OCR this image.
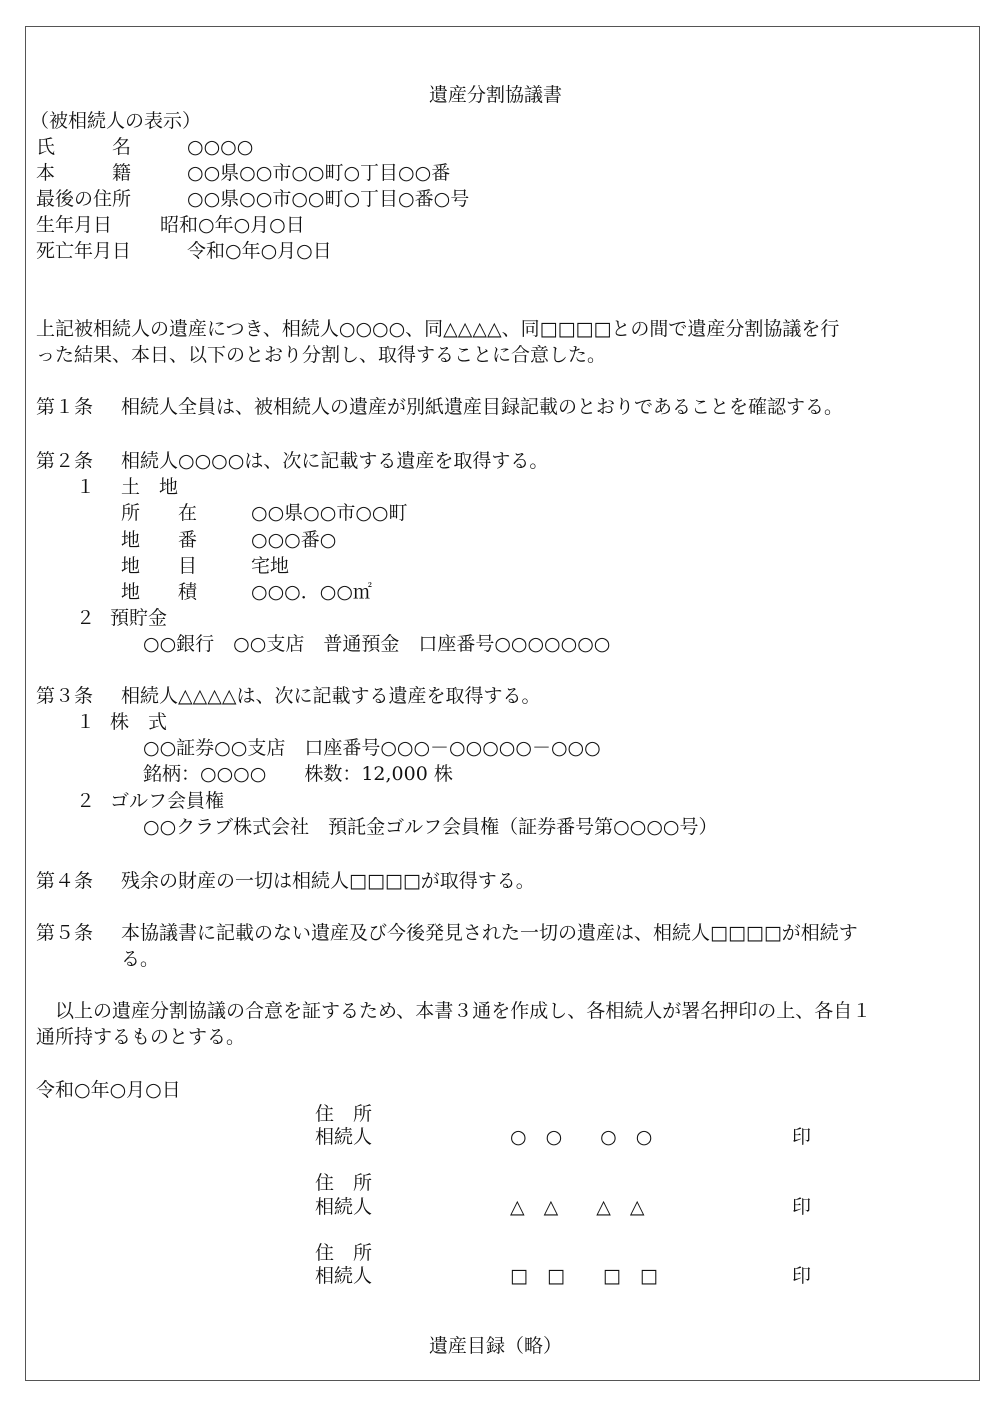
遺産分割協議書
（被相続人の表示）
氏　　　名	○○○○
本　　　籍	○○県○○市○○町○丁目○○番
最後の住所	○○県○○市○○町○丁目○番○号
生年月日	昭和○年○月○日
死亡年月日	令和○年○月○日
上記被相続人の遺産につき、相続人○○○○、同△△△△、同□□□□との間で遺産分割協議を行
った結果、本日、以下のとおり分割し、取得することに合意した。
第１条 相続人全員は、被相続人の遺産が別紙遺産目録記載のとおりであることを確認する。
第２条 相続人○○○○は、次に記載する遺産を取得する。
１ 土　地
所　　在	○○県○○市○○町
地　　番	○○○番○
地　　目	宅地
地　　積	○○○．○○㎡
２ 預貯金
○○銀行　○○支店　普通預金　口座番号○○○○○○○
第３条 相続人△△△△は、次に記載する遺産を取得する。
１ 株　式
○○証券○○支店　口座番号○○○－○○○○○－○○○
銘柄：○○○○　　株数：12,000 株
２ ゴルフ会員権
○○クラブ株式会社　預託金ゴルフ会員権（証券番号第○○○○号）
第４条 残余の財産の一切は相続人□□□□が取得する。
第５条 本協議書に記載のない遺産及び今後発見された一切の遺産は、相続人□□□□が相続す
る。
　以上の遺産分割協議の合意を証するため、本書３通を作成し、各相続人が署名押印の上、各自１
通所持するものとする。
令和○年○月○日
住　所
相続人	○　○　　○　○	印
住　所
相続人	△　△　　△　△	印
住　所
相続人	□　□　　□　□	印
遺産目録（略）
